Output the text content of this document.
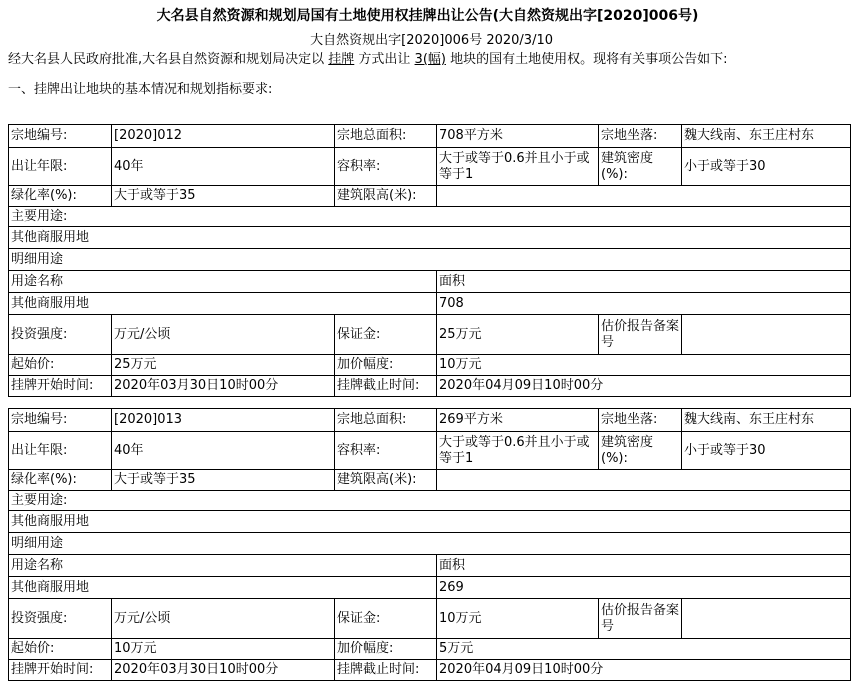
大名县自然资源和规划局国有土地使用权挂牌出让公告(大自然资规出字[2020]006号)
大自然资规出字[2020]006号 2020/3/10
经大名县人民政府批准,大名县自然资源和规划局决定以 挂牌 方式出让 3(幅) 地块的国有土地使用权。现将有关事项公告如下:
一、挂牌出让地块的基本情况和规划指标要求:
宗地编号:	[2020]012	宗地总面积:	708平方米	宗地坐落:	魏大线南、东王庄村东
出让年限:	40年	容积率:	大于或等于0.6并且小于或等于1	建筑密度(%):	小于或等于30
绿化率(%):	大于或等于35	建筑限高(米):			
主要用途:					
其他商服用地					
明细用途					
用途名称			面积		
其他商服用地			708		
投资强度:	万元/公顷	保证金:	25万元	估价报告备案号	
起始价:	25万元	加价幅度:	10万元		
挂牌开始时间:	2020年03月30日10时00分	挂牌截止时间:	2020年04月09日10时00分		
宗地编号:	[2020]013	宗地总面积:	269平方米	宗地坐落:	魏大线南、东王庄村东
出让年限:	40年	容积率:	大于或等于0.6并且小于或等于1	建筑密度(%):	小于或等于30
绿化率(%):	大于或等于35	建筑限高(米):			
主要用途:					
其他商服用地					
明细用途					
用途名称			面积		
其他商服用地			269		
投资强度:	万元/公顷	保证金:	10万元	估价报告备案号	
起始价:	10万元	加价幅度:	5万元		
挂牌开始时间:	2020年03月30日10时00分	挂牌截止时间:	2020年04月09日10时00分		
